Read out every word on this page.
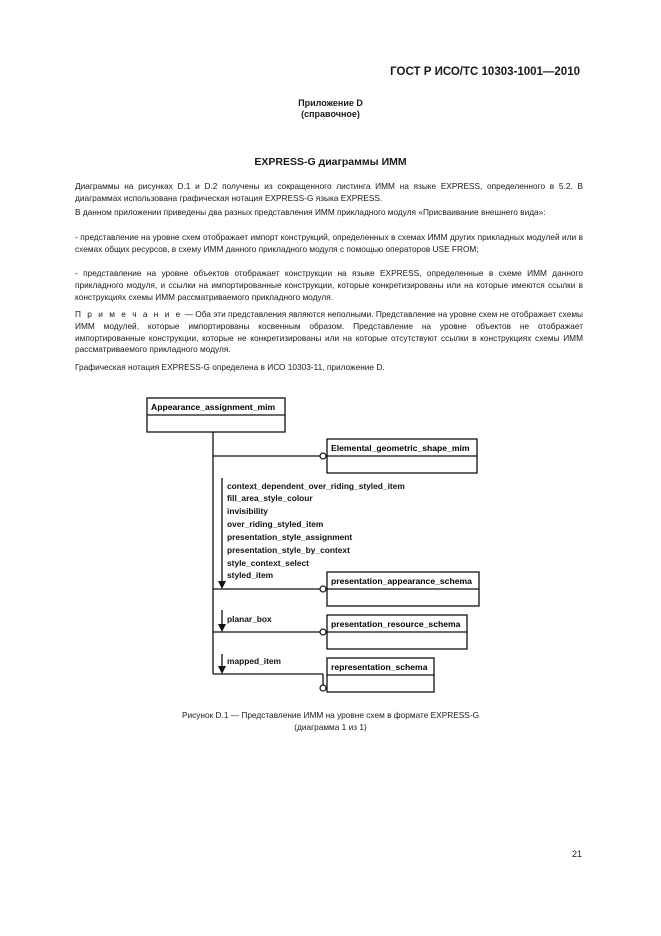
ГОСТ Р ИСО/ТС 10303-1001—2010
Приложение D
(справочное)
EXPRESS-G диаграммы ИММ
Диаграммы на рисунках D.1 и D.2 получены из сокращенного листинга ИММ на языке EXPRESS, определенного в 5.2. В диаграммах использована графическая нотация EXPRESS-G языка EXPRESS.
В данном приложении приведены два разных представления ИММ прикладного модуля «Присваивание внешнего вида»:
- представление на уровне схем отображает импорт конструкций, определенных в схемах ИММ других прикладных модулей или в схемах общих ресурсов, в схему ИММ данного прикладного модуля с помощью операторов USE FROM;
- представление на уровне объектов отображает конструкции на языке EXPRESS, определенные в схеме ИММ данного прикладного модуля, и ссылки на импортированные конструкции, которые конкретизированы или на которые имеются ссылки в конструкциях схемы ИММ рассматриваемого прикладного модуля.
П р и м е ч а н и е — Оба эти представления являются неполными. Представление на уровне схем не отображает схемы ИММ модулей, которые импортированы косвенным образом. Представление на уровне объектов не отображает импортированные конструкции, которые не конкретизированы или на которые отсутствуют ссылки в конструкциях схемы ИММ рассматриваемого прикладного модуля.
Графическая нотация EXPRESS-G определена в ИСО 10303-11, приложение D.
Appearance_assignment_mim
Elemental_geometric_shape_mim
presentation_appearance_schema
presentation_resource_schema
representation_schema
context_dependent_over_riding_styled_item
fill_area_style_colour
invisibility
over_riding_styled_item
presentation_style_assignment
presentation_style_by_context
style_context_select
styled_item
planar_box
mapped_item
Рисунок D.1 — Представление ИММ на уровне схем в формате EXPRESS-G
(диаграмма 1 из 1)
21
